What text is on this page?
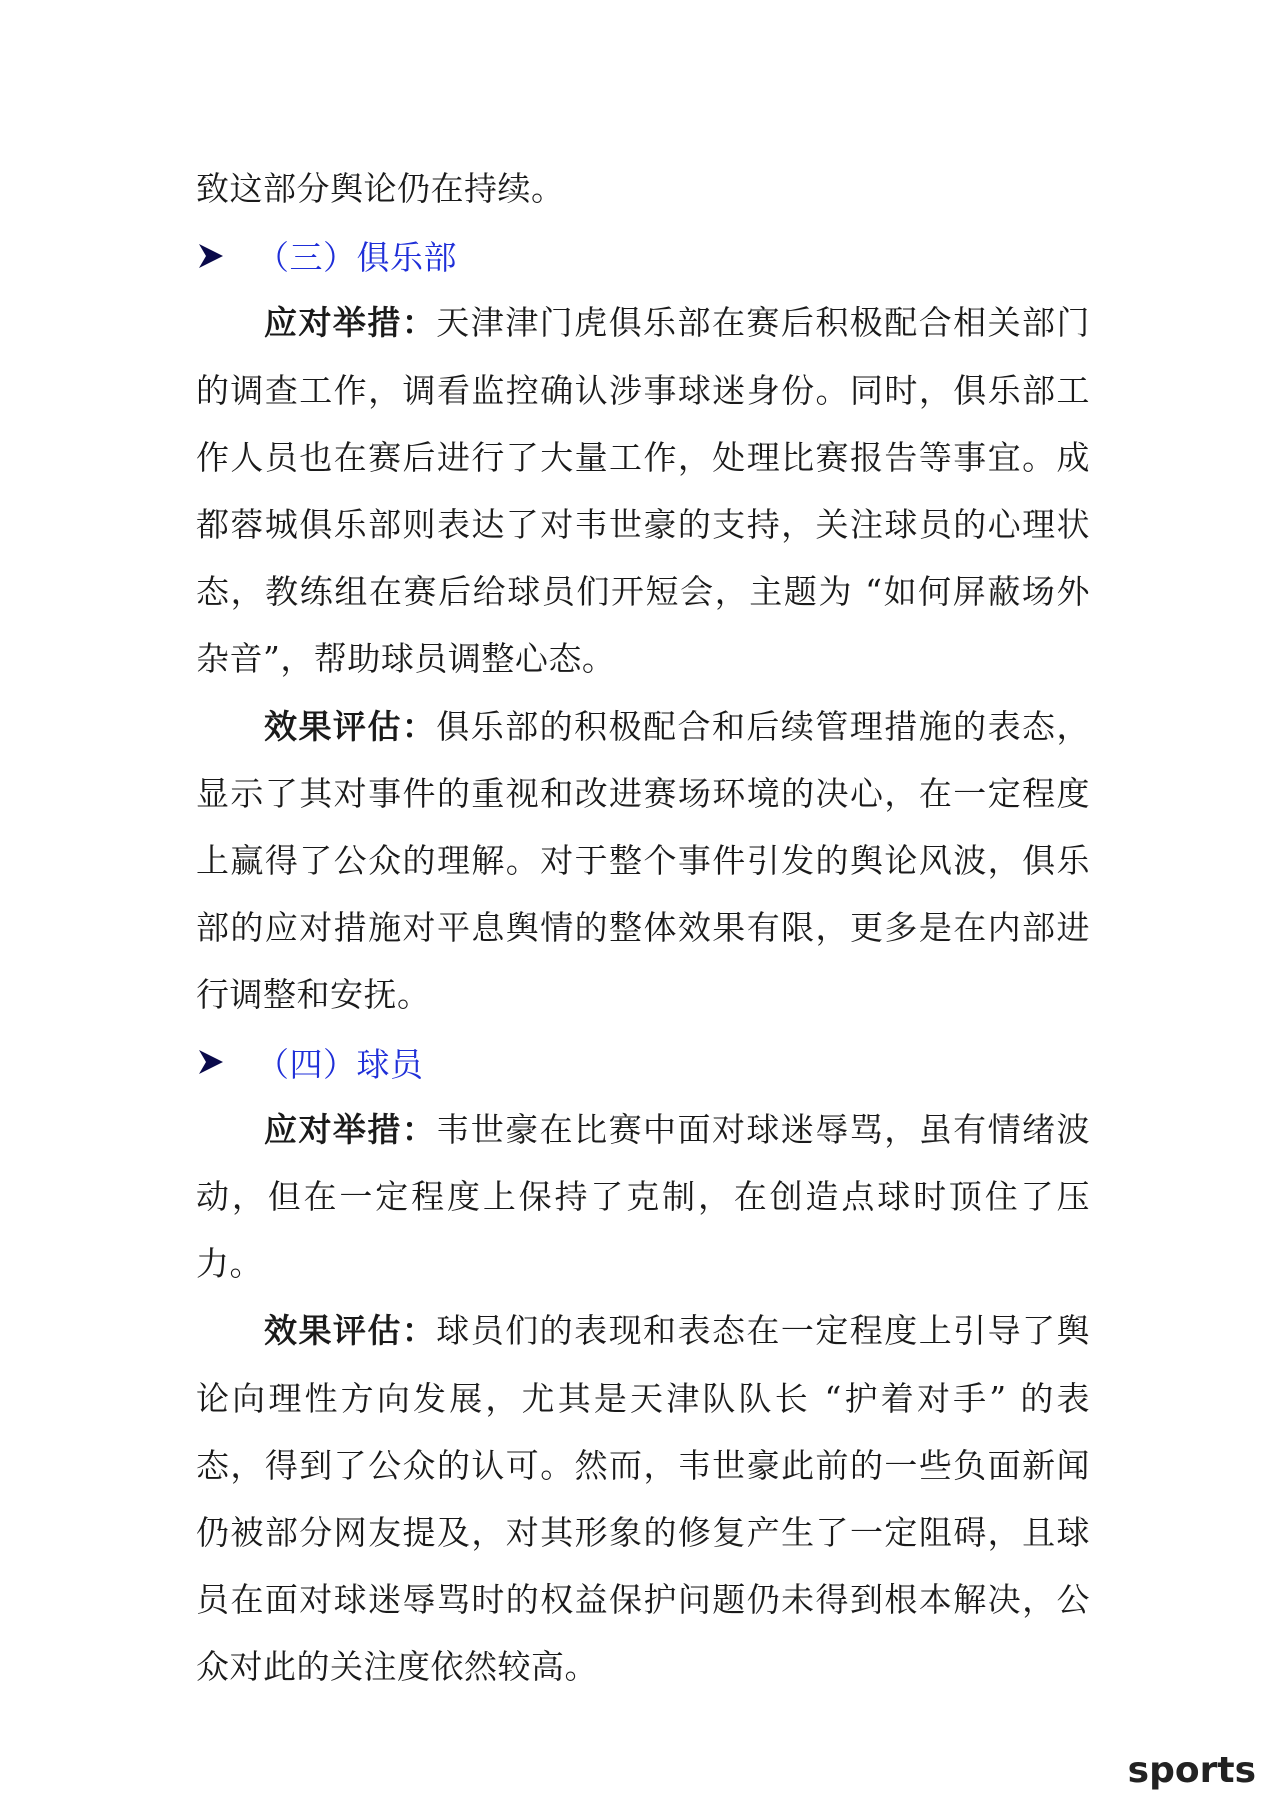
致这部分舆论仍在持续。

（三）俱乐部

应对举措：天津津门虎俱乐部在赛后积极配合相关部门的调查工作，调看监控确认涉事球迷身份。同时，俱乐部工作人员也在赛后进行了大量工作，处理比赛报告等事宜。成都蓉城俱乐部则表达了对韦世豪的支持，关注球员的心理状态，教练组在赛后给球员们开短会，主题为 “如何屏蔽场外杂音”，帮助球员调整心态。

效果评估：俱乐部的积极配合和后续管理措施的表态，显示了其对事件的重视和改进赛场环境的决心，在一定程度上赢得了公众的理解。对于整个事件引发的舆论风波，俱乐部的应对措施对平息舆情的整体效果有限，更多是在内部进行调整和安抚。

（四）球员

应对举措：韦世豪在比赛中面对球迷辱骂，虽有情绪波动，但在一定程度上保持了克制，在创造点球时顶住了压力。

效果评估：球员们的表现和表态在一定程度上引导了舆论向理性方向发展，尤其是天津队队长 “护着对手” 的表态，得到了公众的认可。然而，韦世豪此前的一些负面新闻仍被部分网友提及，对其形象的修复产生了一定阻碍，且球员在面对球迷辱骂时的权益保护问题仍未得到根本解决，公众对此的关注度依然较高。

sports
